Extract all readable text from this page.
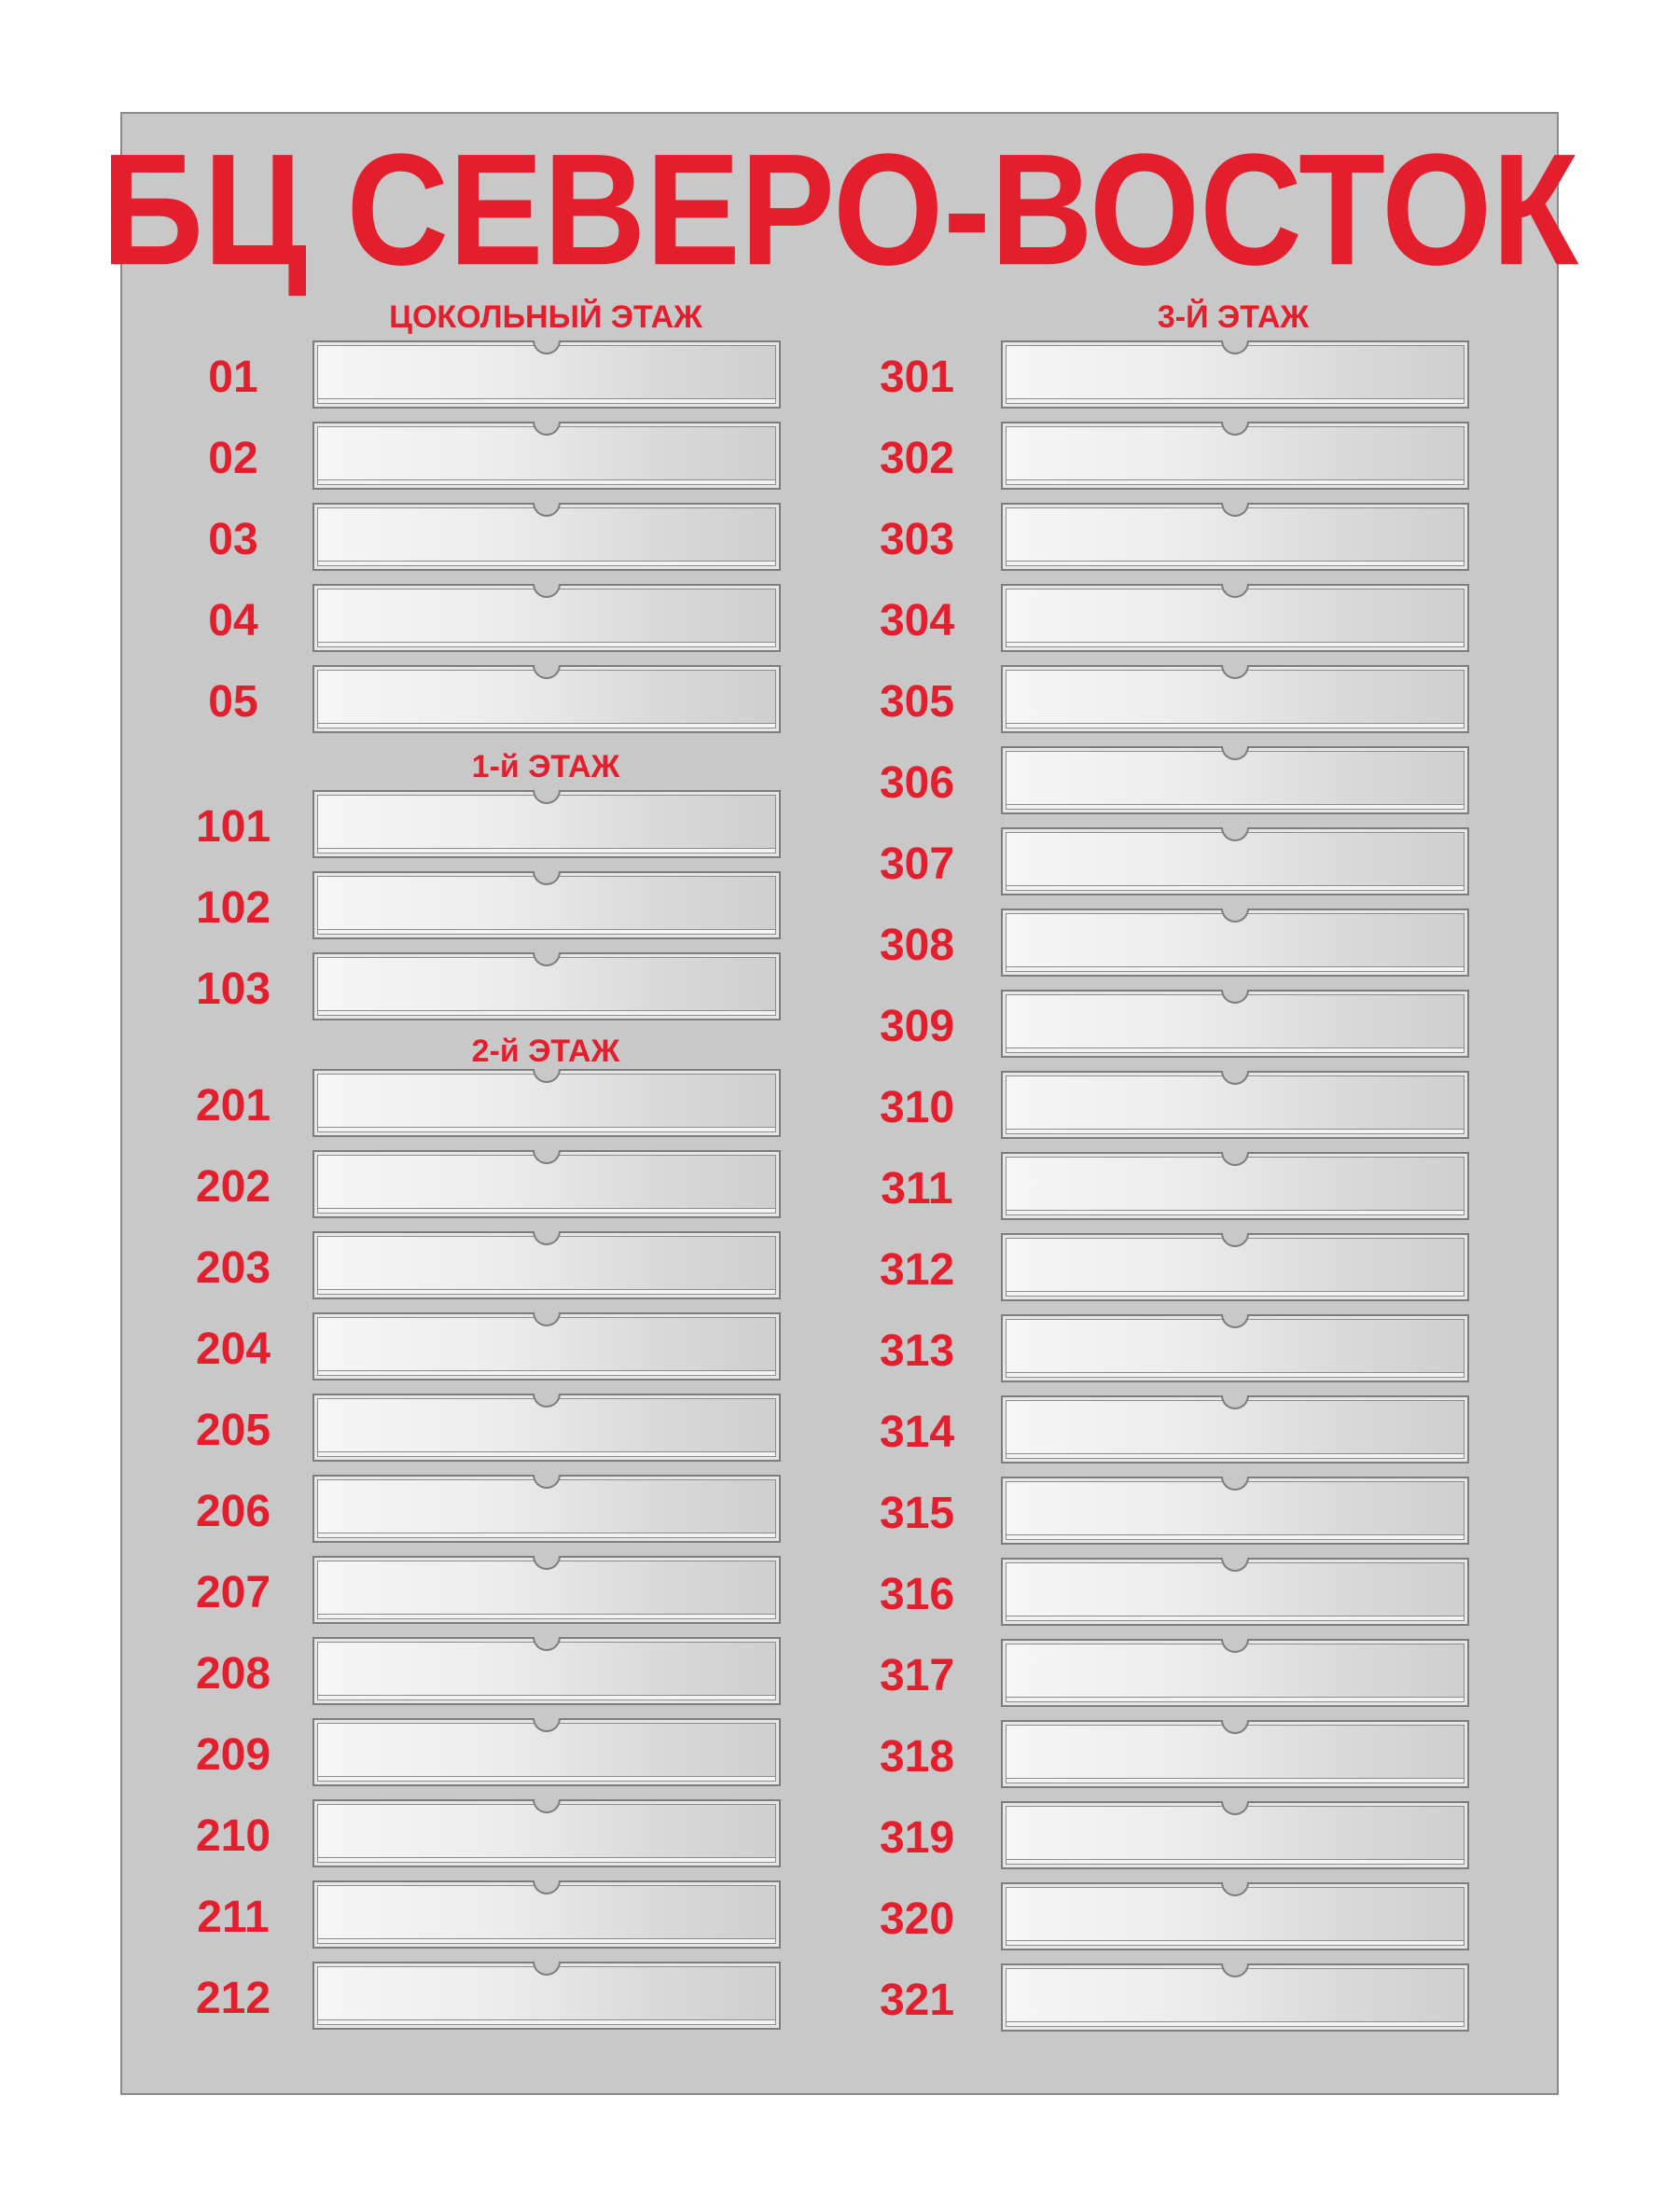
БЦ СЕВЕРО-ВОСТОК
ЦОКОЛЬНЫЙ ЭТАЖ
01
02
03
04
05
1-й ЭТАЖ
101
102
103
2-й ЭТАЖ
201
202
203
204
205
206
207
208
209
210
211
212
3-Й ЭТАЖ
301
302
303
304
305
306
307
308
309
310
311
312
313
314
315
316
317
318
319
320
321
